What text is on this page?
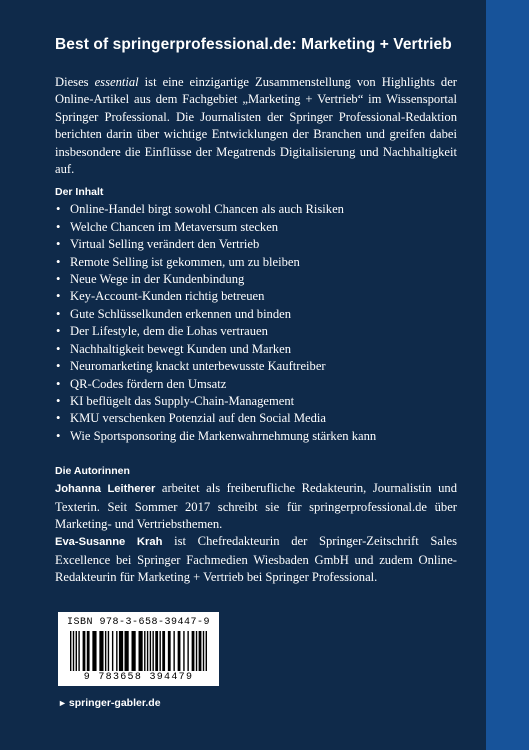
Best of springerprofessional.de: Marketing + Vertrieb

Dieses essential ist eine einzigartige Zusammenstellung von Highlights der Online-Artikel aus dem Fachgebiet „Marketing + Vertrieb“ im Wissensportal Springer Professional. Die Journalisten der Springer Professional-Redaktion berichten darin über wichtige Entwicklungen der Branchen und greifen dabei insbesondere die Einflüsse der Megatrends Digitalisierung und Nachhaltigkeit auf.

Der Inhalt
• Online-Handel birgt sowohl Chancen als auch Risiken
• Welche Chancen im Metaversum stecken
• Virtual Selling verändert den Vertrieb
• Remote Selling ist gekommen, um zu bleiben
• Neue Wege in der Kundenbindung
• Key-Account-Kunden richtig betreuen
• Gute Schlüsselkunden erkennen und binden
• Der Lifestyle, dem die Lohas vertrauen
• Nachhaltigkeit bewegt Kunden und Marken
• Neuromarketing knackt unterbewusste Kauftreiber
• QR-Codes fördern den Umsatz
• KI beflügelt das Supply-Chain-Management
• KMU verschenken Potenzial auf den Social Media
• Wie Sportsponsoring die Markenwahrnehmung stärken kann
Die Autorinnen

Johanna Leitherer arbeitet als freiberufliche Redakteurin, Journalistin und Texterin. Seit Sommer 2017 schreibt sie für springerprofessional.de über Marketing- und Vertriebsthemen.

Eva-Susanne Krah ist Chefredakteurin der Springer-Zeitschrift Sales Excellence bei Springer Fachmedien Wiesbaden GmbH und zudem Online-Redakteurin für Marketing + Vertrieb bei Springer Professional.

ISBN 978-3-658-39447-9
9 783658 394479
► springer-gabler.de
